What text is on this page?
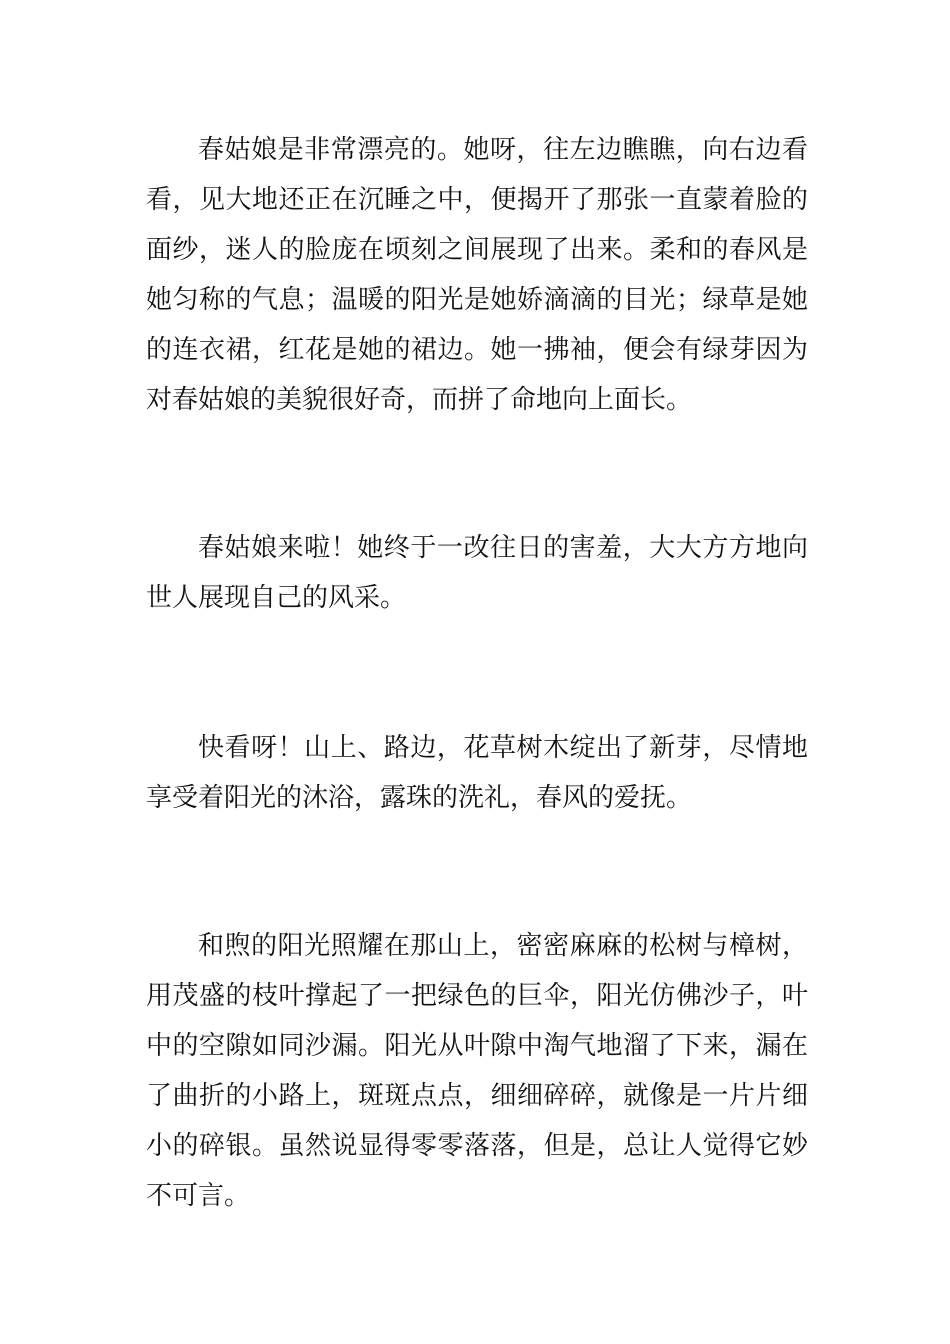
春姑娘是非常漂亮的。她呀，往左边瞧瞧，向右边看看，见大地还正在沉睡之中，便揭开了那张一直蒙着脸的面纱，迷人的脸庞在顷刻之间展现了出来。柔和的春风是她匀称的气息；温暖的阳光是她娇滴滴的目光；绿草是她的连衣裙，红花是她的裙边。她一拂袖，便会有绿芽因为对春姑娘的美貌很好奇，而拼了命地向上面长。

春姑娘来啦！她终于一改往日的害羞，大大方方地向世人展现自己的风采。

快看呀！山上、路边，花草树木绽出了新芽，尽情地享受着阳光的沐浴，露珠的洗礼，春风的爱抚。

和煦的阳光照耀在那山上，密密麻麻的松树与樟树，用茂盛的枝叶撑起了一把绿色的巨伞，阳光仿佛沙子，叶中的空隙如同沙漏。阳光从叶隙中淘气地溜了下来，漏在了曲折的小路上，斑斑点点，细细碎碎，就像是一片片细小的碎银。虽然说显得零零落落，但是，总让人觉得它妙不可言。
